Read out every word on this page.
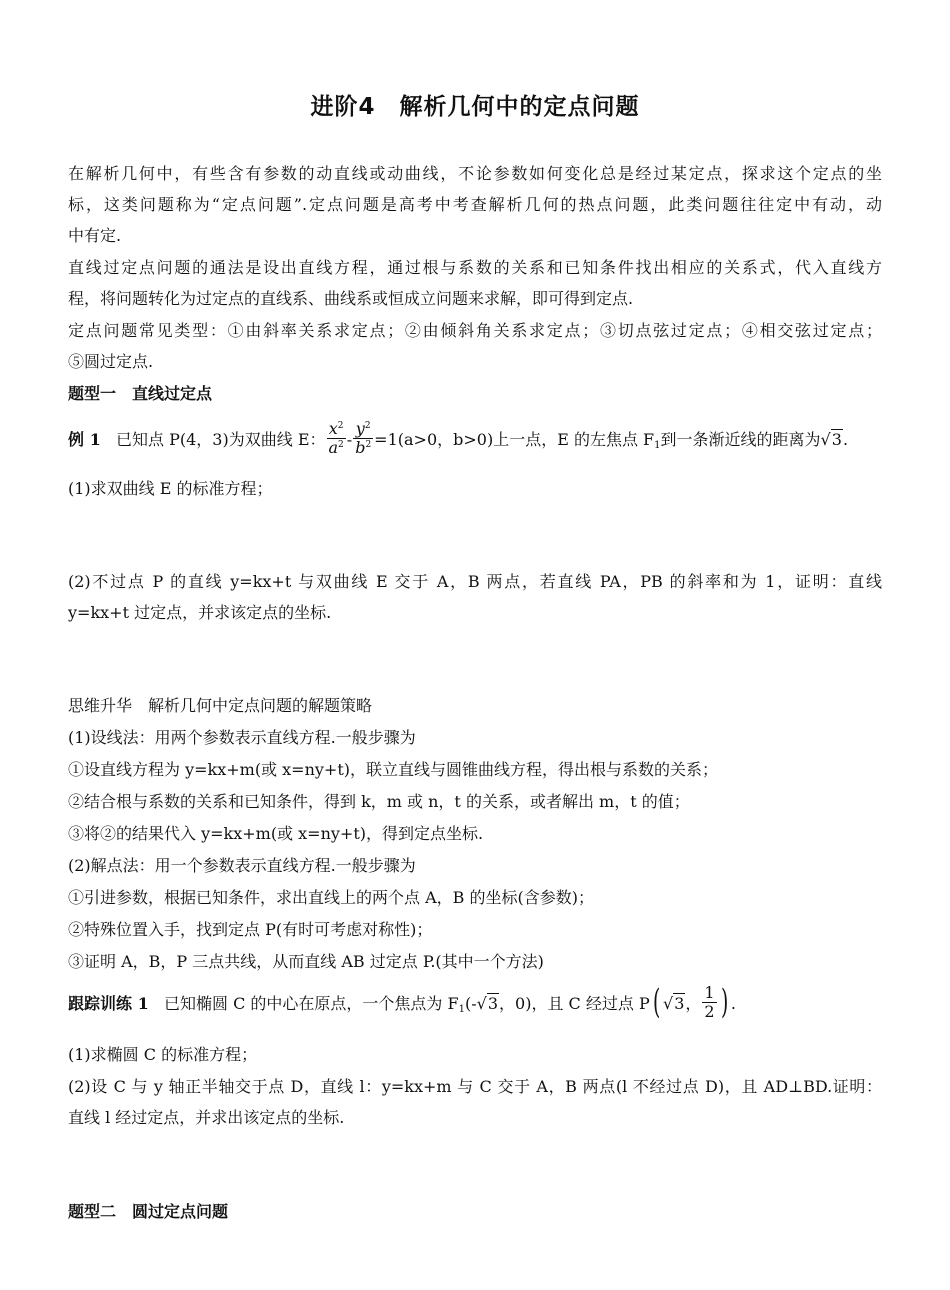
进阶4　解析几何中的定点问题
在解析几何中，有些含有参数的动直线或动曲线，不论参数如何变化总是经过某定点，探求这个定点的坐
标，这类问题称为“定点问题”.定点问题是高考中考查解析几何的热点问题，此类问题往往定中有动，动
中有定.
直线过定点问题的通法是设出直线方程，通过根与系数的关系和已知条件找出相应的关系式，代入直线方
程，将问题转化为过定点的直线系、曲线系或恒成立问题来求解，即可得到定点.
定点问题常见类型：①由斜率关系求定点；②由倾斜角关系求定点；③切点弦过定点；④相交弦过定点；
⑤圆过定点.
题型一　直线过定点
例 1 已知点 P(4，3)为双曲线 E： $\frac{x^2}{a^2} - \frac{y^2}{b^2} =1(a>0$，b>0)上一点，E 的左焦点 $F_1$到一条渐近线的距离为√3.
(1)求双曲线 E 的标准方程；
(2)不过点 P 的直线 y=kx+t 与双曲线 E 交于 A，B 两点，若直线 PA，PB 的斜率和为 1，证明：直线
y=kx+t 过定点，并求该定点的坐标.
思维升华　解析几何中定点问题的解题策略
(1)设线法：用两个参数表示直线方程.一般步骤为
①设直线方程为 y=kx+m(或 x=ny+t)，联立直线与圆锥曲线方程，得出根与系数的关系；
②结合根与系数的关系和已知条件，得到 k，m 或 n，t 的关系，或者解出 m，t 的值；
③将②的结果代入 y=kx+m(或 x=ny+t)，得到定点坐标.
(2)解点法：用一个参数表示直线方程.一般步骤为
①引进参数，根据已知条件，求出直线上的两个点 A，B 的坐标(含参数)；
②特殊位置入手，找到定点 P(有时可考虑对称性)；
③证明 A，B，P 三点共线，从而直线 AB 过定点 P.(其中一个方法)
跟踪训练 1 已知椭圆 C 的中心在原点，一个焦点为 $F_1(-√3$，0)，且 C 经过点 P( √3， $\frac{1}{2}$ ) .
(1)求椭圆 C 的标准方程；
(2)设 C 与 y 轴正半轴交于点 D，直线 l：y=kx+m 与 C 交于 A，B 两点(l 不经过点 D)，且 AD⊥BD.证明：
直线 l 经过定点，并求出该定点的坐标.
题型二　圆过定点问题
